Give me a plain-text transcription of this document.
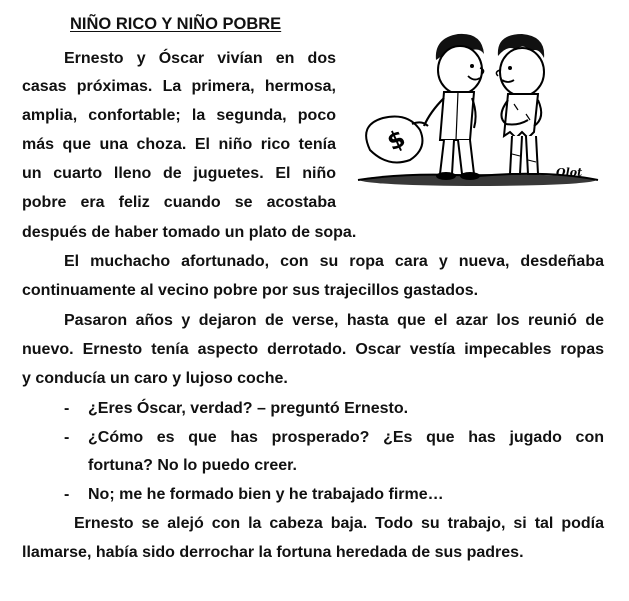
NIÑO RICO Y NIÑO POBRE
$
Olot
Ernesto y Óscar vivían en dos
casas próximas. La primera, hermosa,
amplia, confortable; la segunda, poco
más que una choza. El niño rico tenía
un cuarto lleno de juguetes. El niño
pobre era feliz cuando se acostaba
después de haber tomado un plato de sopa.
El muchacho afortunado, con su ropa cara y nueva, desdeñaba
continuamente al vecino pobre por sus trajecillos gastados.
Pasaron años y dejaron de verse, hasta que el azar los reunió de
nuevo. Ernesto tenía aspecto derrotado. Oscar vestía impecables ropas
y conducía un caro y lujoso coche.
- ¿Eres Óscar, verdad? – preguntó Ernesto.
- ¿Cómo es que has prosperado? ¿Es que has jugado con
fortuna? No lo puedo creer.
- No; me he formado bien y he trabajado firme…
Ernesto se alejó con la cabeza baja. Todo su trabajo, si tal podía
llamarse, había sido derrochar la fortuna heredada de sus padres.
